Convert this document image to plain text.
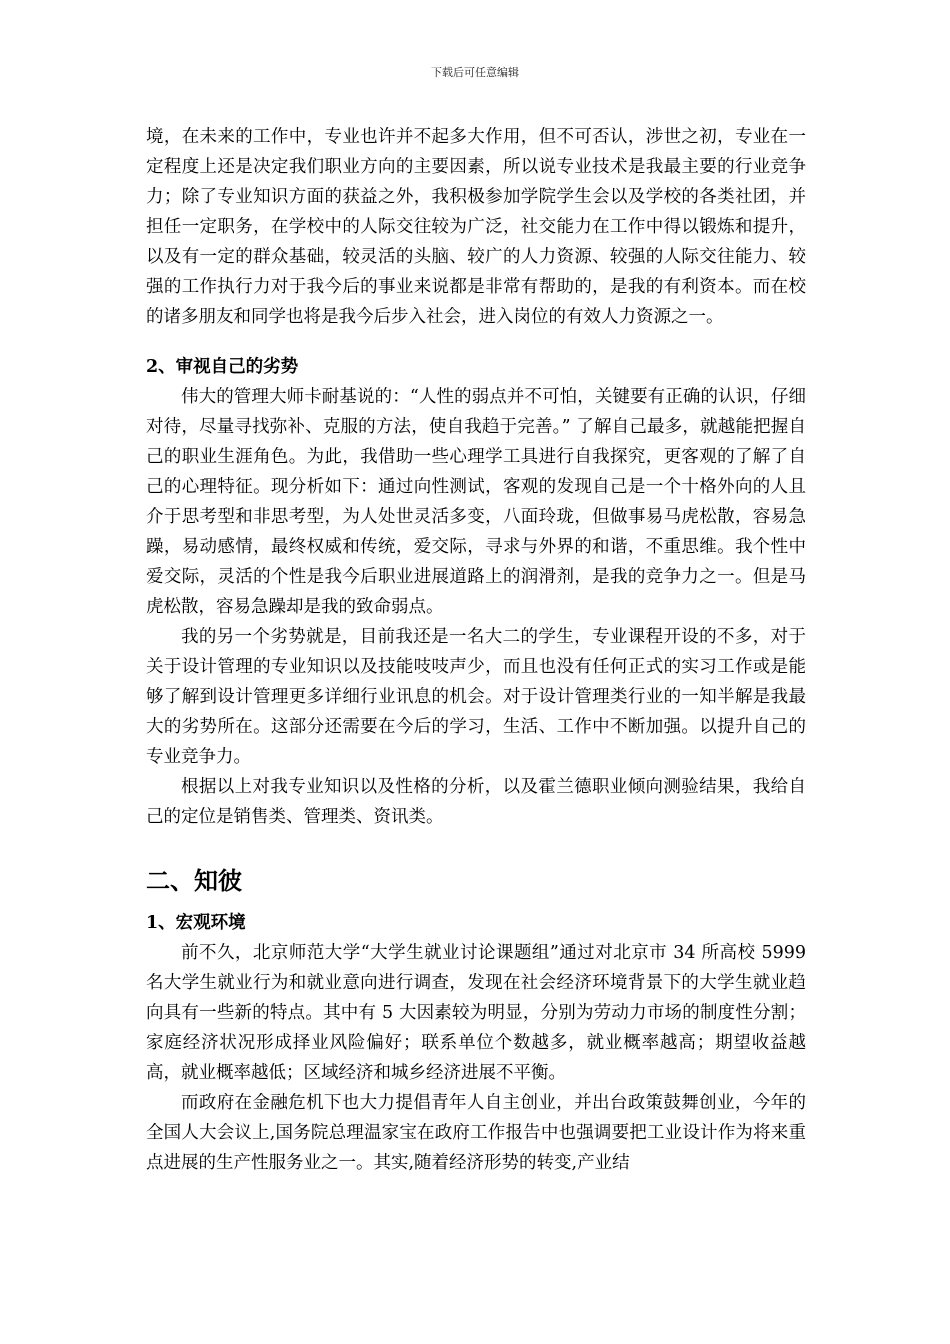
下载后可任意编辑

境，在未来的工作中，专业也许并不起多大作用，但不可否认，涉世之初，专业在一定程度上还是决定我们职业方向的主要因素，所以说专业技术是我最主要的行业竞争力；除了专业知识方面的获益之外，我积极参加学院学生会以及学校的各类社团，并担任一定职务，在学校中的人际交往较为广泛，社交能力在工作中得以锻炼和提升，以及有一定的群众基础，较灵活的头脑、较广的人力资源、较强的人际交往能力、较强的工作执行力对于我今后的事业来说都是非常有帮助的，是我的有利资本。而在校的诸多朋友和同学也将是我今后步入社会，进入岗位的有效人力资源之一。

2、审视自己的劣势

伟大的管理大师卡耐基说的：“人性的弱点并不可怕，关键要有正确的认识，仔细对待，尽量寻找弥补、克服的方法，使自我趋于完善。” 了解自己最多，就越能把握自己的职业生涯角色。为此，我借助一些心理学工具进行自我探究，更客观的了解了自己的心理特征。现分析如下：通过向性测试，客观的发现自己是一个十格外向的人且介于思考型和非思考型，为人处世灵活多变，八面玲珑，但做事易马虎松散，容易急躁，易动感情，最终权威和传统，爱交际，寻求与外界的和谐，不重思维。我个性中爱交际，灵活的个性是我今后职业进展道路上的润滑剂，是我的竞争力之一。但是马虎松散，容易急躁却是我的致命弱点。

我的另一个劣势就是，目前我还是一名大二的学生，专业课程开设的不多，对于关于设计管理的专业知识以及技能吱吱声少，而且也没有任何正式的实习工作或是能够了解到设计管理更多详细行业讯息的机会。对于设计管理类行业的一知半解是我最大的劣势所在。这部分还需要在今后的学习，生活、工作中不断加强。以提升自己的专业竞争力。

根据以上对我专业知识以及性格的分析，以及霍兰德职业倾向测验结果，我给自己的定位是销售类、管理类、资讯类。

二、知彼

1、宏观环境

前不久，北京师范大学“大学生就业讨论课题组”通过对北京市 34 所高校 5999 名大学生就业行为和就业意向进行调查，发现在社会经济环境背景下的大学生就业趋向具有一些新的特点。其中有 5 大因素较为明显，分别为劳动力市场的制度性分割；家庭经济状况形成择业风险偏好；联系单位个数越多，就业概率越高；期望收益越高，就业概率越低；区域经济和城乡经济进展不平衡。

而政府在金融危机下也大力提倡青年人自主创业，并出台政策鼓舞创业，今年的全国人大会议上,国务院总理温家宝在政府工作报告中也强调要把工业设计作为将来重点进展的生产性服务业之一。其实,随着经济形势的转变,产业结
